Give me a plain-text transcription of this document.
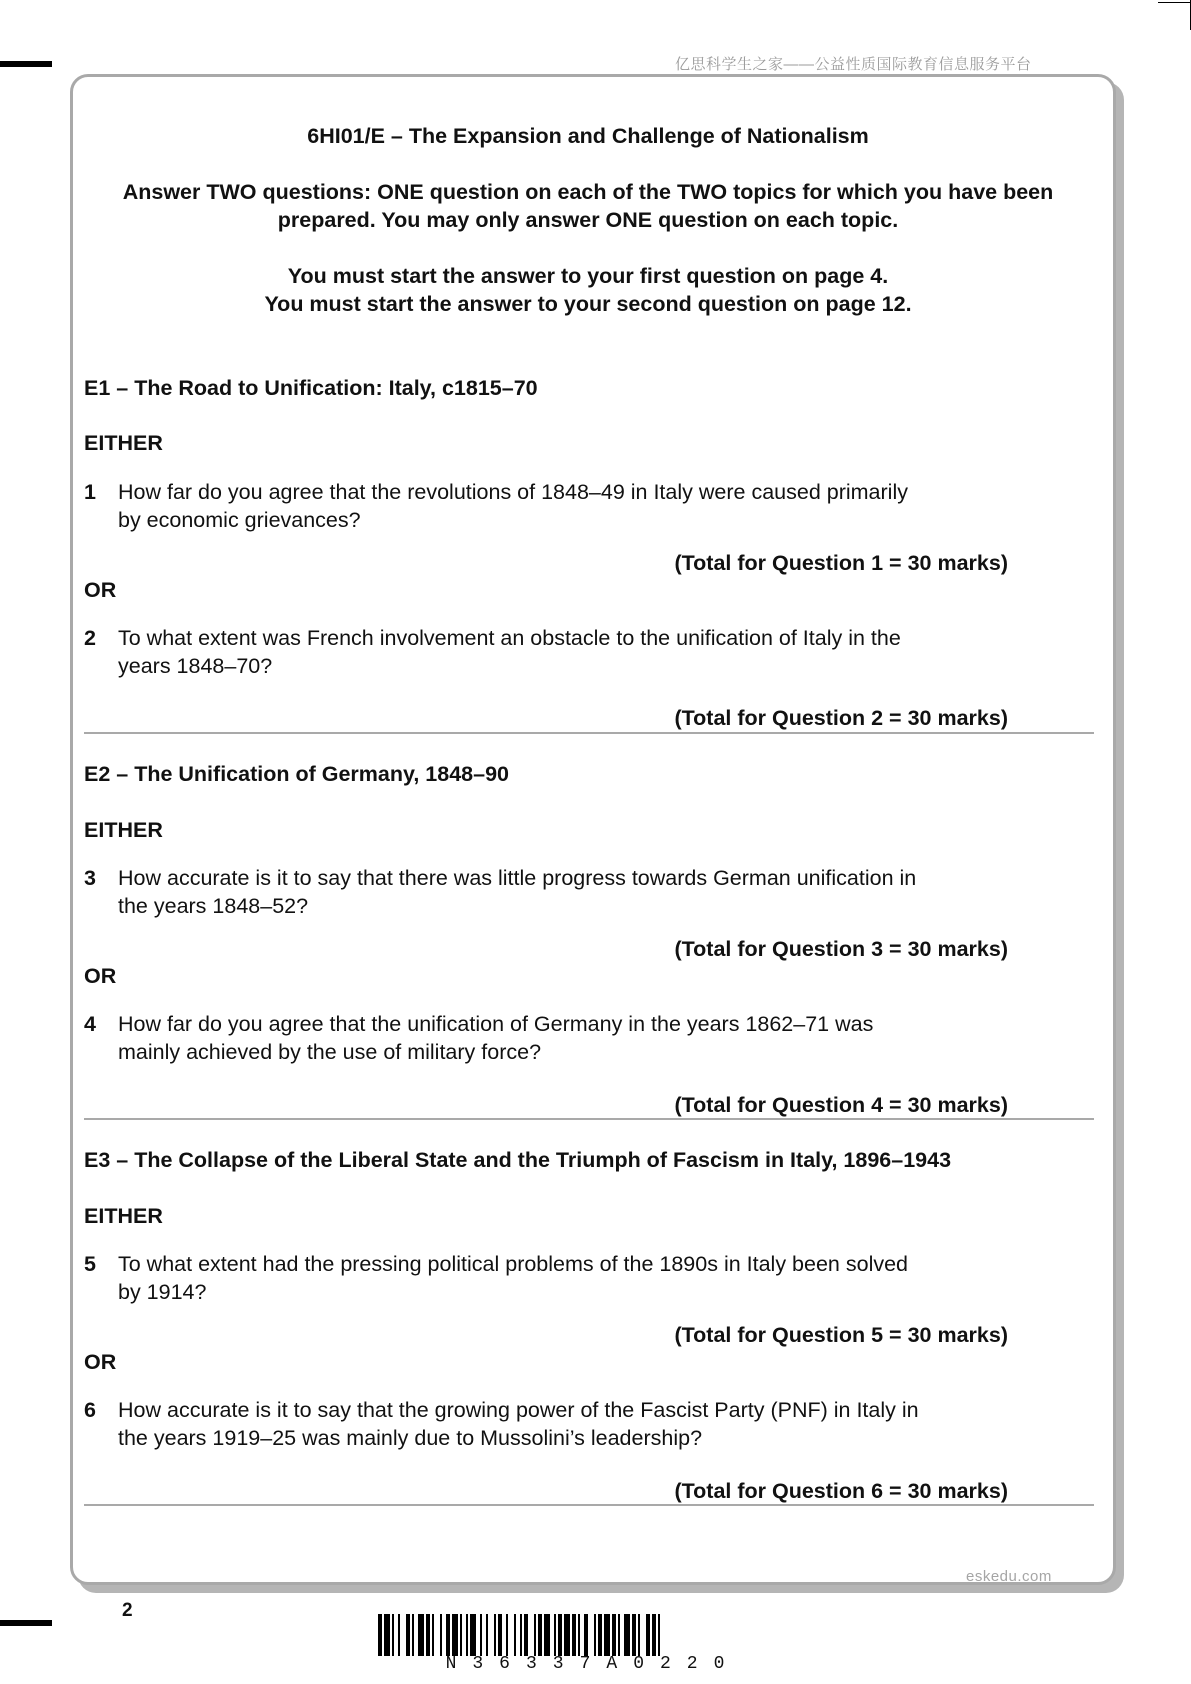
亿思科学生之家——公益性质国际教育信息服务平台
6HI01/E – The Expansion and Challenge of Nationalism

Answer TWO questions: ONE question on each of the TWO topics for which you have been prepared. You may only answer ONE question on each topic.

You must start the answer to your first question on page 4.

You must start the answer to your second question on page 12.

E1 – The Road to Unification: Italy, c1815–70
EITHER
1 How far do you agree that the revolutions of 1848–49 in Italy were caused primarily
by economic grievances?
(Total for Question 1 = 30 marks)
OR
2 To what extent was French involvement an obstacle to the unification of Italy in the
years 1848–70?
(Total for Question 2 = 30 marks)
E2 – The Unification of Germany, 1848–90
EITHER
3 How accurate is it to say that there was little progress towards German unification in
the years 1848–52?
(Total for Question 3 = 30 marks)
OR
4 How far do you agree that the unification of Germany in the years 1862–71 was
mainly achieved by the use of military force?
(Total for Question 4 = 30 marks)
E3 – The Collapse of the Liberal State and the Triumph of Fascism in Italy, 1896–1943
EITHER
5 To what extent had the pressing political problems of the 1890s in Italy been solved
by 1914?
(Total for Question 5 = 30 marks)
OR
6 How accurate is it to say that the growing power of the Fascist Party (PNF) in Italy in
the years 1919–25 was mainly due to Mussolini’s leadership?
(Total for Question 6 = 30 marks)
eskedu.com
2
N36337A0220
